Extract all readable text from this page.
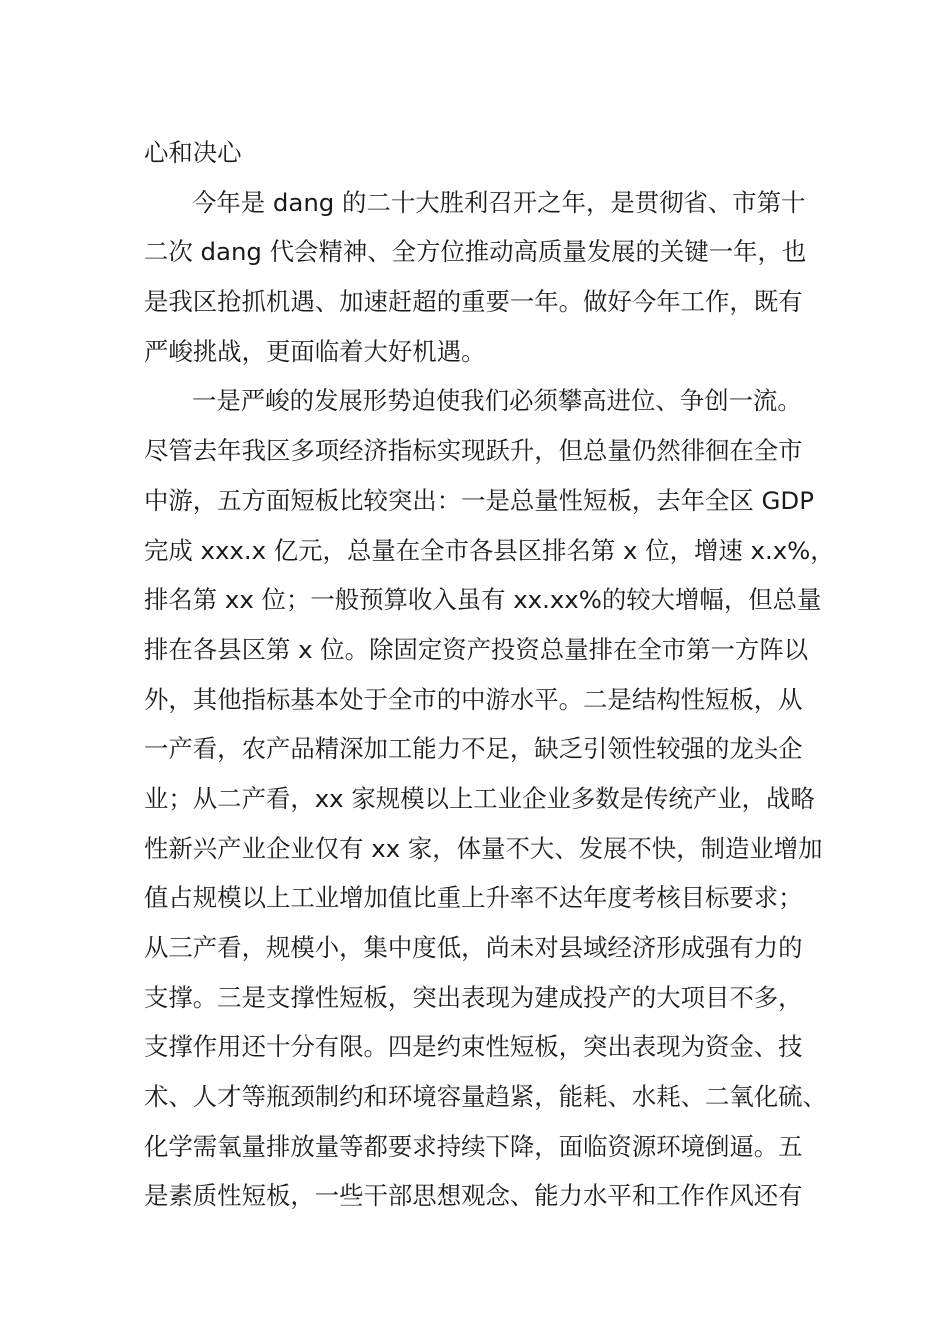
心和决心
今年是 dang 的二十大胜利召开之年，是贯彻省、市第十
二次 dang 代会精神、全方位推动高质量发展的关键一年，也
是我区抢抓机遇、加速赶超的重要一年。做好今年工作，既有
严峻挑战，更面临着大好机遇。
一是严峻的发展形势迫使我们必须攀高进位、争创一流。
尽管去年我区多项经济指标实现跃升，但总量仍然徘徊在全市
中游，五方面短板比较突出：一是总量性短板，去年全区 GDP
完成 xxx.x 亿元，总量在全市各县区排名第 x 位，增速 x.x%，
排名第 xx 位；一般预算收入虽有 xx.xx%的较大增幅，但总量
排在各县区第 x 位。除固定资产投资总量排在全市第一方阵以
外，其他指标基本处于全市的中游水平。二是结构性短板，从
一产看，农产品精深加工能力不足，缺乏引领性较强的龙头企
业；从二产看，xx 家规模以上工业企业多数是传统产业，战略
性新兴产业企业仅有 xx 家，体量不大、发展不快，制造业增加
值占规模以上工业增加值比重上升率不达年度考核目标要求；
从三产看，规模小，集中度低，尚未对县域经济形成强有力的
支撑。三是支撑性短板，突出表现为建成投产的大项目不多，
支撑作用还十分有限。四是约束性短板，突出表现为资金、技
术、人才等瓶颈制约和环境容量趋紧，能耗、水耗、二氧化硫、
化学需氧量排放量等都要求持续下降，面临资源环境倒逼。五
是素质性短板，一些干部思想观念、能力水平和工作作风还有
